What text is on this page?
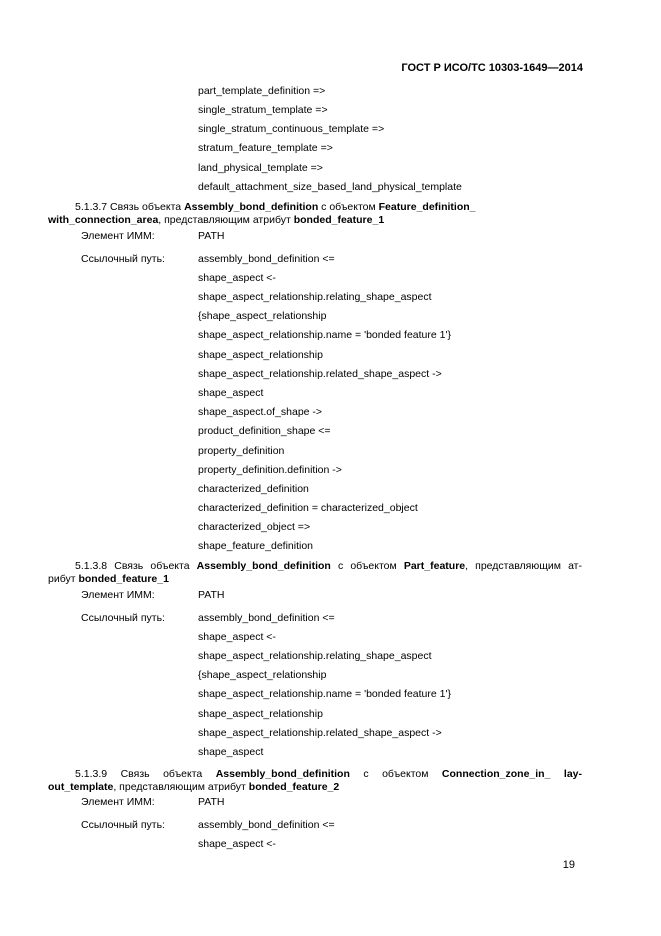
ГОСТ Р ИСО/ТС 10303-1649—2014
part_template_definition =>
single_stratum_template =>
single_stratum_continuous_template =>
stratum_feature_template =>
land_physical_template =>
default_attachment_size_based_land_physical_template
5.1.3.7 Связь объекта Assembly_bond_definition с объектом Feature_definition_
with_connection_area, представляющим атрибут bonded_feature_1
Элемент ИММ:	PATH
Ссылочный путь:	assembly_bond_definition <=
shape_aspect <-
shape_aspect_relationship.relating_shape_aspect
{shape_aspect_relationship
shape_aspect_relationship.name = 'bonded feature 1'}
shape_aspect_relationship
shape_aspect_relationship.related_shape_aspect ->
shape_aspect
shape_aspect.of_shape ->
product_definition_shape <=
property_definition
property_definition.definition ->
characterized_definition
characterized_definition = characterized_object
characterized_object =>
shape_feature_definition
5.1.3.8 Связь объекта Assembly_bond_definition с объектом Part_feature, представляющим ат-
рибут bonded_feature_1
Элемент ИММ:	PATH
Ссылочный путь:	assembly_bond_definition <=
shape_aspect <-
shape_aspect_relationship.relating_shape_aspect
{shape_aspect_relationship
shape_aspect_relationship.name = 'bonded feature 1'}
shape_aspect_relationship
shape_aspect_relationship.related_shape_aspect ->
shape_aspect
5.1.3.9 Связь объекта Assembly_bond_definition с объектом Connection_zone_in_ lay-
out_template, представляющим атрибут bonded_feature_2
Элемент ИММ:	PATH
Ссылочный путь:	assembly_bond_definition <=
shape_aspect <-
19
